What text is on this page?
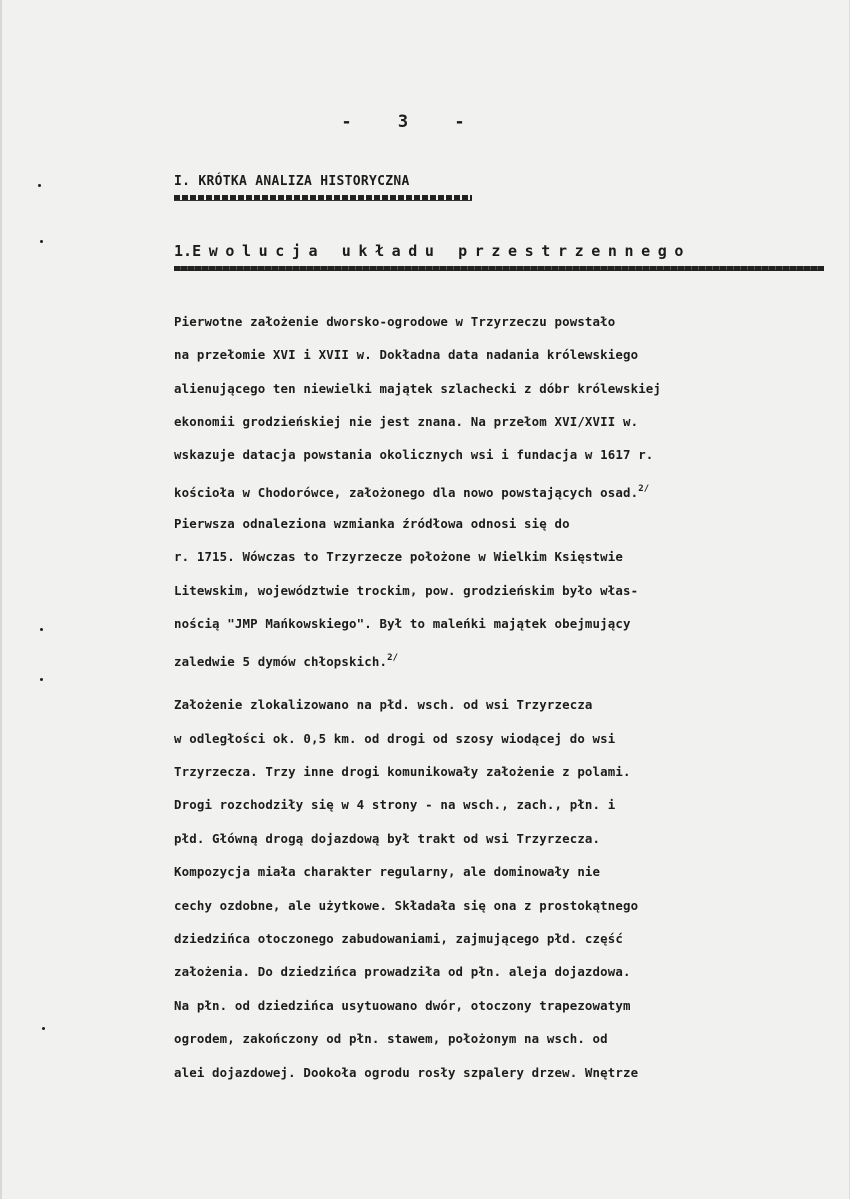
- 3 -
I. KRÓTKA ANALIZA HISTORYCZNA
1.Ewolucja układu przestrzennego
Pierwotne założenie dworsko-ogrodowe w Trzyrzeczu powstało
na przełomie XVI i XVII w. Dokładna data nadania królewskiego
alienującego ten niewielki majątek szlachecki z dóbr królewskiej
ekonomii grodzieńskiej nie jest znana. Na przełom XVI/XVII w.
wskazuje datacja powstania okolicznych wsi i fundacja w 1617 r.
kościoła w Chodorówce, założonego dla nowo powstających osad.$^{2/}$
Pierwsza odnaleziona wzmianka źródłowa odnosi się do
r. 1715. Wówczas to Trzyrzecze położone w Wielkim Księstwie
Litewskim, województwie trockim, pow. grodzieńskim było włas-
nością "JMP Mańkowskiego". Był to maleńki majątek obejmujący
zaledwie 5 dymów chłopskich.$^{2/}$
Założenie zlokalizowano na płd. wsch. od wsi Trzyrzecza
w odległości ok. 0,5 km. od drogi od szosy wiodącej do wsi
Trzyrzecza. Trzy inne drogi komunikowały założenie z polami.
Drogi rozchodziły się w 4 strony - na wsch., zach., płn. i
płd. Główną drogą dojazdową był trakt od wsi Trzyrzecza.
Kompozycja miała charakter regularny, ale dominowały nie
cechy ozdobne, ale użytkowe. Składała się ona z prostokątnego
dziedzińca otoczonego zabudowaniami, zajmującego płd. część
założenia. Do dziedzińca prowadziła od płn. aleja dojazdowa.
Na płn. od dziedzińca usytuowano dwór, otoczony trapezowatym
ogrodem, zakończony od płn. stawem, położonym na wsch. od
alei dojazdowej. Dookoła ogrodu rosły szpalery drzew. Wnętrze
